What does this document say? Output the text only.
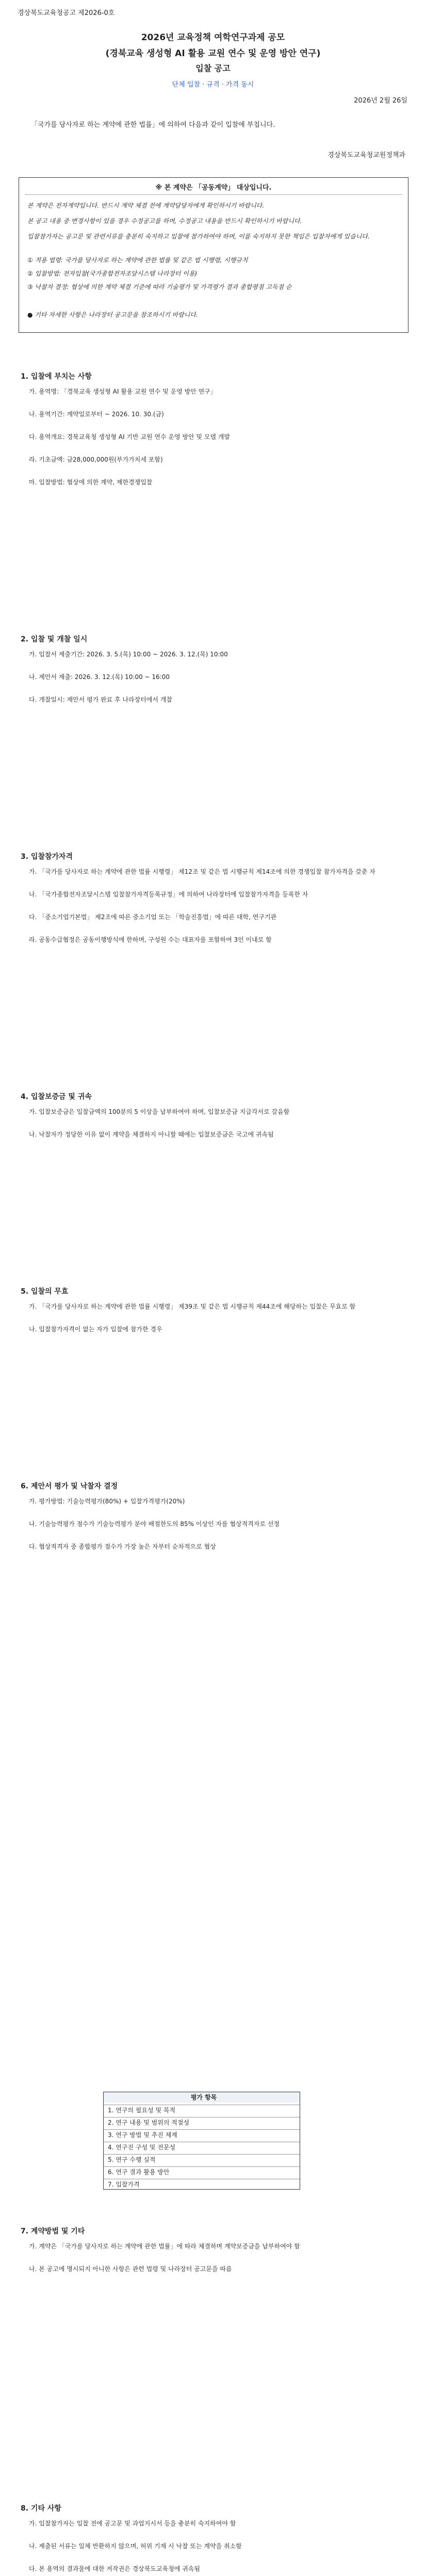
경상북도교육청공고 제2026-0호

2026년 교육정책 여학연구과제 공모

(경북교육 생성형 AI 활용 교원 연수 및 운영 방안 연구)

입찰 공고

단체 입찰 · 규격 · 가격 동시

2026년 2월 26일
「국가를 당사자로 하는 계약에 관한 법률」에 의하여 다음과 같이 입찰에 부칩니다.
경상북도교육청교원정책과
※ 본 계약은 「공동계약」 대상입니다.
본 계약은 전자계약입니다. 반드시 계약 체결 전에 계약담당자에게 확인하시기 바랍니다.
본 공고 내용 중 변경사항이 있을 경우 수정공고를 하며, 수정공고 내용을 반드시 확인하시기 바랍니다.
입찰참가자는 공고문 및 관련서류를 충분히 숙지하고 입찰에 참가하여야 하며, 이를 숙지하지 못한 책임은 입찰자에게 있습니다.
① 적용 법령: 국가를 당사자로 하는 계약에 관한 법률 및 같은 법 시행령, 시행규칙
② 입찰방법: 전자입찰(국가종합전자조달시스템 나라장터 이용)
③ 낙찰자 결정: 협상에 의한 계약 체결 기준에 따라 기술평가 및 가격평가 결과 종합평점 고득점 순
● 기타 자세한 사항은 나라장터 공고문을 참조하시기 바랍니다.
1. 입찰에 부치는 사항
가. 용역명: 「경북교육 생성형 AI 활용 교원 연수 및 운영 방안 연구」
나. 용역기간: 계약일로부터 ~ 2026. 10. 30.(금)
다. 용역개요: 경북교육청 생성형 AI 기반 교원 연수 운영 방안 및 모델 개발
라. 기초금액: 금28,000,000원(부가가치세 포함)
마. 입찰방법: 협상에 의한 계약, 제한경쟁입찰
2. 입찰 및 개찰 일시
가. 입찰서 제출기간: 2026. 3. 5.(목) 10:00 ~ 2026. 3. 12.(목) 10:00
나. 제안서 제출: 2026. 3. 12.(목) 10:00 ~ 16:00
다. 개찰일시: 제안서 평가 완료 후 나라장터에서 개찰
3. 입찰참가자격
가. 「국가를 당사자로 하는 계약에 관한 법률 시행령」 제12조 및 같은 법 시행규칙 제14조에 의한 경쟁입찰 참가자격을 갖춘 자
나. 「국가종합전자조달시스템 입찰참가자격등록규정」에 의하여 나라장터에 입찰참가자격을 등록한 자
다. 「중소기업기본법」 제2조에 따른 중소기업 또는 「학술진흥법」에 따른 대학, 연구기관
라. 공동수급협정은 공동이행방식에 한하며, 구성원 수는 대표자를 포함하여 3인 이내로 함
4. 입찰보증금 및 귀속
가. 입찰보증금은 입찰금액의 100분의 5 이상을 납부하여야 하며, 입찰보증금 지급각서로 갈음함
나. 낙찰자가 정당한 이유 없이 계약을 체결하지 아니할 때에는 입찰보증금은 국고에 귀속됨
5. 입찰의 무효
가. 「국가를 당사자로 하는 계약에 관한 법률 시행령」 제39조 및 같은 법 시행규칙 제44조에 해당하는 입찰은 무효로 함
나. 입찰참가자격이 없는 자가 입찰에 참가한 경우
6. 제안서 평가 및 낙찰자 결정
가. 평가방법: 기술능력평가(80%) + 입찰가격평가(20%)
나. 기술능력평가 점수가 기술능력평가 분야 배점한도의 85% 이상인 자를 협상적격자로 선정
다. 협상적격자 중 종합평가 점수가 가장 높은 자부터 순차적으로 협상
평가 항목
1. 연구의 필요성 및 목적
2. 연구 내용 및 범위의 적절성
3. 연구 방법 및 추진 체계
4. 연구진 구성 및 전문성
5. 연구 수행 실적
6. 연구 결과 활용 방안
7. 입찰가격
7. 계약방법 및 기타
가. 계약은 「국가를 당사자로 하는 계약에 관한 법률」에 따라 체결하며 계약보증금을 납부하여야 함
나. 본 공고에 명시되지 아니한 사항은 관련 법령 및 나라장터 공고문을 따름
8. 기타 사항
가. 입찰참가자는 입찰 전에 공고문 및 과업지시서 등을 충분히 숙지하여야 함
나. 제출된 서류는 일체 반환하지 않으며, 허위 기재 시 낙찰 또는 계약을 취소함
다. 본 용역의 결과물에 대한 저작권은 경상북도교육청에 귀속됨
